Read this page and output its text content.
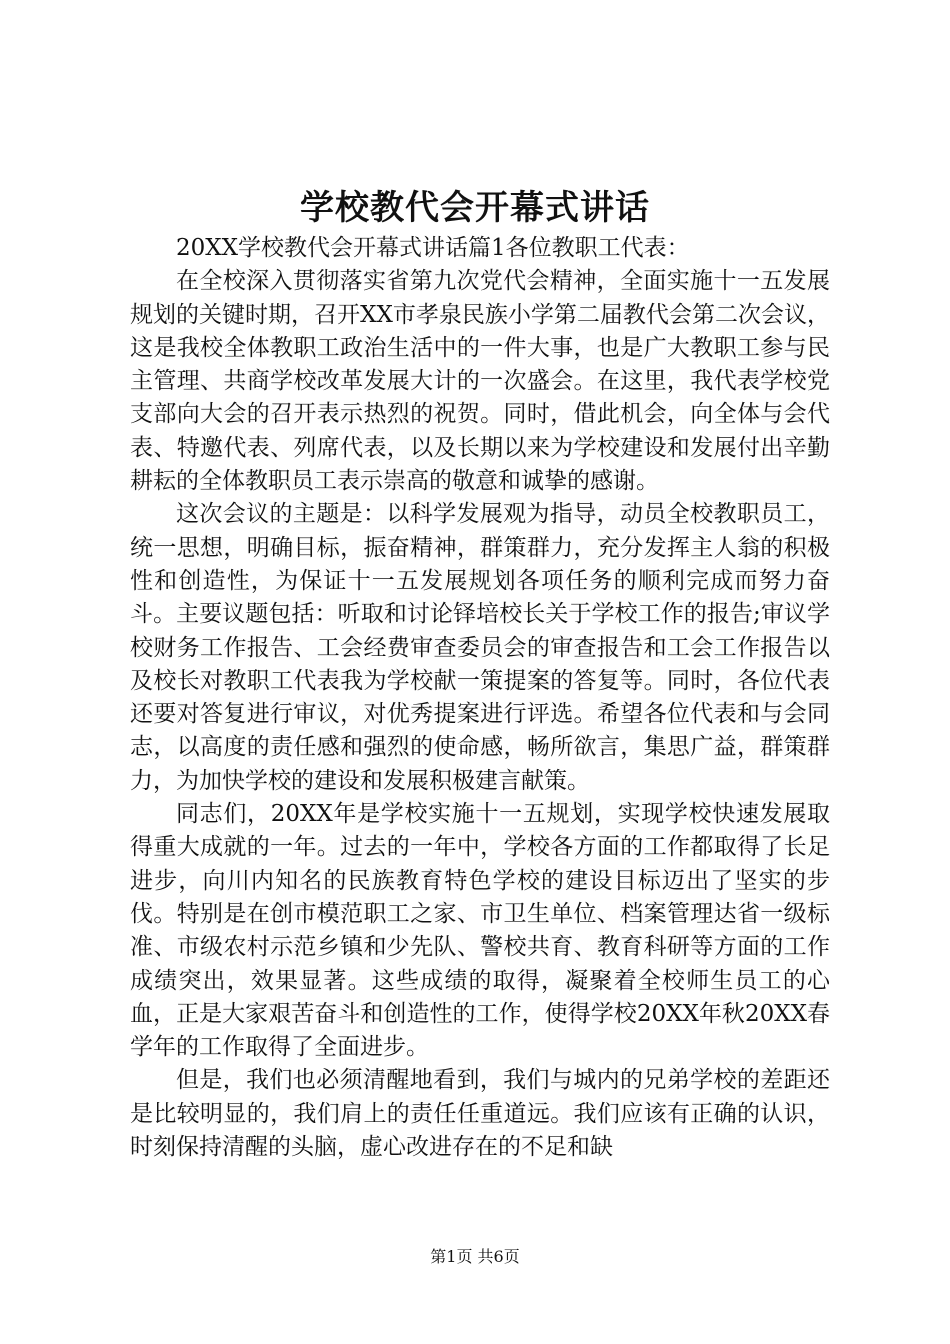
学校教代会开幕式讲话

20XX学校教代会开幕式讲话篇1各位教职工代表：

在全校深入贯彻落实省第九次党代会精神，全面实施十一五发展规划的关键时期，召开XX市孝泉民族小学第二届教代会第二次会议，这是我校全体教职工政治生活中的一件大事，也是广大教职工参与民主管理、共商学校改革发展大计的一次盛会。在这里，我代表学校党支部向大会的召开表示热烈的祝贺。同时，借此机会，向全体与会代表、特邀代表、列席代表，以及长期以来为学校建设和发展付出辛勤耕耘的全体教职员工表示崇高的敬意和诚挚的感谢。

这次会议的主题是：以科学发展观为指导，动员全校教职员工，统一思想，明确目标，振奋精神，群策群力，充分发挥主人翁的积极性和创造性，为保证十一五发展规划各项任务的顺利完成而努力奋斗。主要议题包括：听取和讨论铎培校长关于学校工作的报告;审议学校财务工作报告、工会经费审查委员会的审查报告和工会工作报告以及校长对教职工代表我为学校献一策提案的答复等。同时，各位代表还要对答复进行审议，对优秀提案进行评选。希望各位代表和与会同志，以高度的责任感和强烈的使命感，畅所欲言，集思广益，群策群力，为加快学校的建设和发展积极建言献策。

同志们，20XX年是学校实施十一五规划，实现学校快速发展取得重大成就的一年。过去的一年中，学校各方面的工作都取得了长足进步，向川内知名的民族教育特色学校的建设目标迈出了坚实的步伐。特别是在创市模范职工之家、市卫生单位、档案管理达省一级标准、市级农村示范乡镇和少先队、警校共育、教育科研等方面的工作成绩突出，效果显著。这些成绩的取得，凝聚着全校师生员工的心血，正是大家艰苦奋斗和创造性的工作，使得学校20XX年秋20XX春学年的工作取得了全面进步。

但是，我们也必须清醒地看到，我们与城内的兄弟学校的差距还是比较明显的，我们肩上的责任任重道远。我们应该有正确的认识，时刻保持清醒的头脑，虚心改进存在的不足和缺

第1页 共6页
